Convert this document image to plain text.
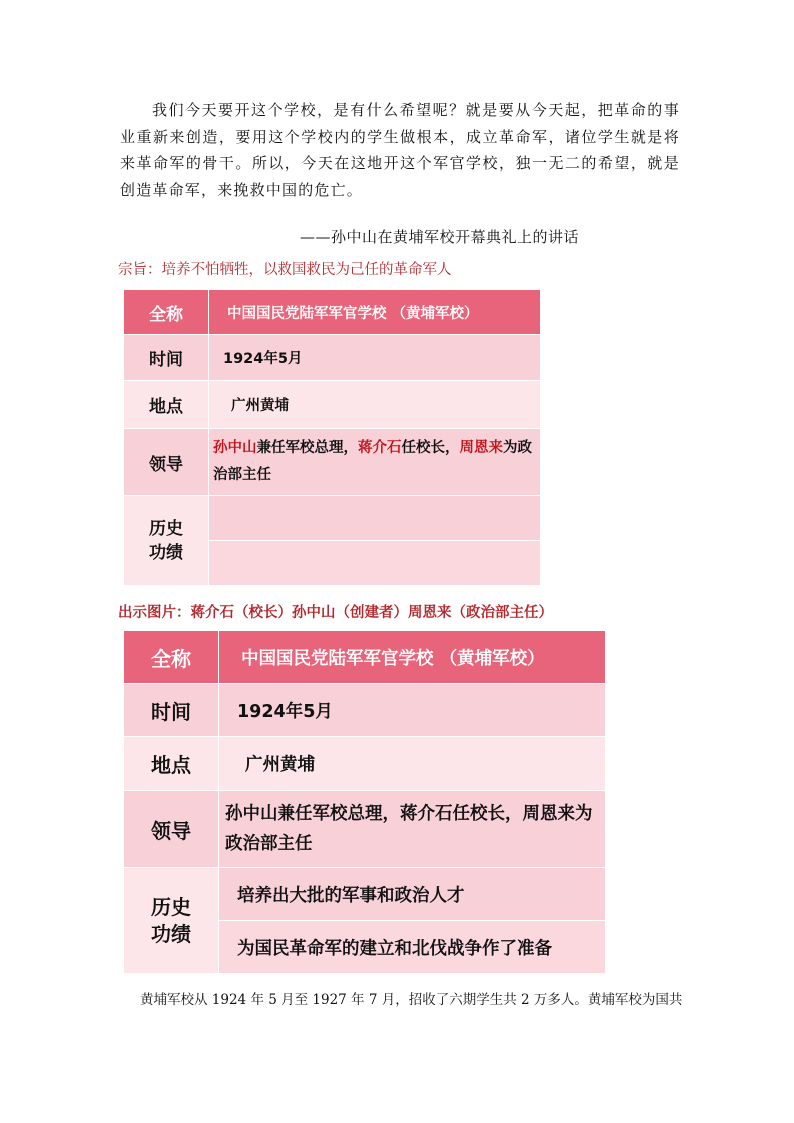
我们今天要开这个学校，是有什么希望呢？就是要从今天起，把革命的事业重新来创造，要用这个学校内的学生做根本，成立革命军，诸位学生就是将来革命军的骨干。所以，今天在这地开这个军官学校，独一无二的希望，就是创造革命军，来挽救中国的危亡。

——孙中山在黄埔军校开幕典礼上的讲话
宗旨：培养不怕牺牲，以救国救民为己任的革命军人
全称	中国国民党陆军军官学校 （黄埔军校）
时间	1924年5月
地点	广州黄埔
领导	孙中山兼任军校总理，蒋介石任校长，周恩来为政治部主任

历史功绩	

出示图片：蒋介石（校长）孙中山（创建者）周恩来（政治部主任）
全称	中国国民党陆军军官学校 （黄埔军校）
时间	1924年5月
地点	广州黄埔
领导	孙中山兼任军校总理，蒋介石任校长，周恩来为政治部主任

历史功绩	培养出大批的军事和政治人才
	为国民革命军的建立和北伐战争作了准备

黄埔军校从 1924 年 5 月至 1927 年 7 月，招收了六期学生共 2 万多人。黄埔军校为国共
